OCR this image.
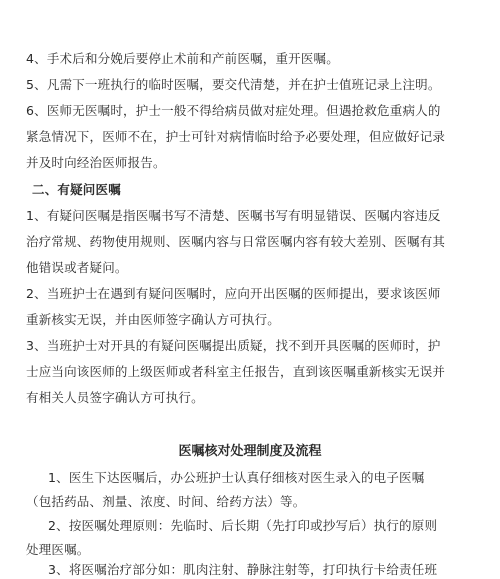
4、手术后和分娩后要停止术前和产前医嘱，重开医嘱。
5、凡需下一班执行的临时医嘱，要交代清楚，并在护士值班记录上注明。
6、医师无医嘱时，护士一般不得给病员做对症处理。但遇抢救危重病人的
紧急情况下，医师不在，护士可针对病情临时给予必要处理，但应做好记录
并及时向经治医师报告。
二、有疑问医嘱
1、有疑问医嘱是指医嘱书写不清楚、医嘱书写有明显错误、医嘱内容违反
治疗常规、药物使用规则、医嘱内容与日常医嘱内容有较大差别、医嘱有其
他错误或者疑问。
2、当班护士在遇到有疑问医嘱时，应向开出医嘱的医师提出，要求该医师
重新核实无误，并由医师签字确认方可执行。
3、当班护士对开具的有疑问医嘱提出质疑，找不到开具医嘱的医师时，护
士应当向该医师的上级医师或者科室主任报告，直到该医嘱重新核实无误并
有相关人员签字确认方可执行。
医嘱核对处理制度及流程
1、医生下达医嘱后，办公班护士认真仔细核对医生录入的电子医嘱
（包括药品、剂量、浓度、时间、给药方法）等。
2、按医嘱处理原则：先临时、后长期（先打印或抄写后）执行的原则
处理医嘱。
3、将医嘱治疗部分如：肌肉注射、静脉注射等，打印执行卡给责任班
